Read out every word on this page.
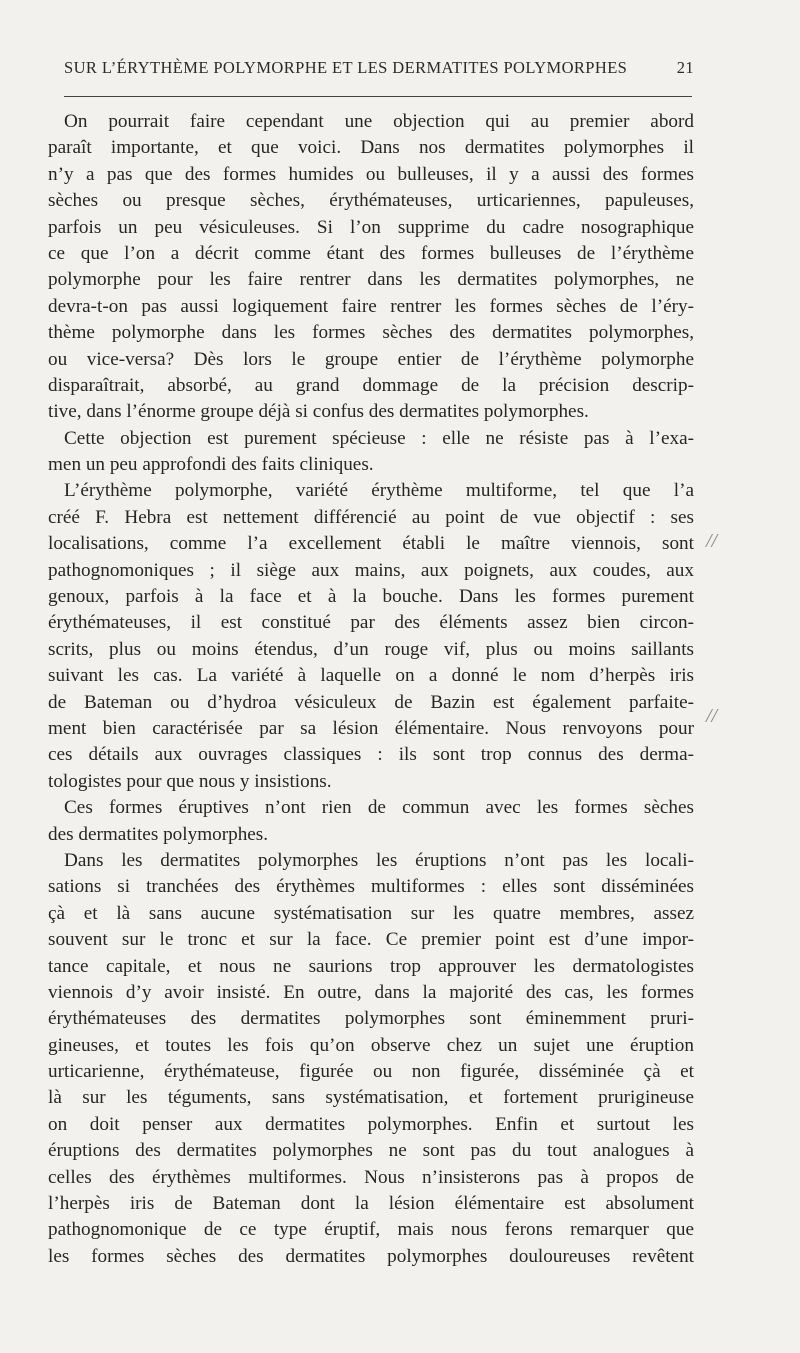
SUR L’ÉRYTHÈME POLYMORPHE ET LES DERMATITES POLYMORPHES	21
On pourrait faire cependant une objection qui au premier abord
paraît importante, et que voici. Dans nos dermatites polymorphes il
n’y a pas que des formes humides ou bulleuses, il y a aussi des formes
sèches ou presque sèches, érythémateuses, urticariennes, papuleuses,
parfois un peu vésiculeuses. Si l’on supprime du cadre nosographique
ce que l’on a décrit comme étant des formes bulleuses de l’érythème
polymorphe pour les faire rentrer dans les dermatites polymorphes, ne
devra-t-on pas aussi logiquement faire rentrer les formes sèches de l’éry-
thème polymorphe dans les formes sèches des dermatites polymorphes,
ou vice-versa? Dès lors le groupe entier de l’érythème polymorphe
disparaîtrait, absorbé, au grand dommage de la précision descrip-
tive, dans l’énorme groupe déjà si confus des dermatites polymorphes.
Cette objection est purement spécieuse : elle ne résiste pas à l’exa-
men un peu approfondi des faits cliniques.
L’érythème polymorphe, variété érythème multiforme, tel que l’a
créé F. Hebra est nettement différencié au point de vue objectif : ses
localisations, comme l’a excellement établi le maître viennois, sont
pathognomoniques ; il siège aux mains, aux poignets, aux coudes, aux
genoux, parfois à la face et à la bouche. Dans les formes purement
érythémateuses, il est constitué par des éléments assez bien circon-
scrits, plus ou moins étendus, d’un rouge vif, plus ou moins saillants
suivant les cas. La variété à laquelle on a donné le nom d’herpès iris
de Bateman ou d’hydroa vésiculeux de Bazin est également parfaite-
ment bien caractérisée par sa lésion élémentaire. Nous renvoyons pour
ces détails aux ouvrages classiques : ils sont trop connus des derma-
tologistes pour que nous y insistions.
Ces formes éruptives n’ont rien de commun avec les formes sèches
des dermatites polymorphes.
Dans les dermatites polymorphes les éruptions n’ont pas les locali-
sations si tranchées des érythèmes multiformes : elles sont disséminées
çà et là sans aucune systématisation sur les quatre membres, assez
souvent sur le tronc et sur la face. Ce premier point est d’une impor-
tance capitale, et nous ne saurions trop approuver les dermatologistes
viennois d’y avoir insisté. En outre, dans la majorité des cas, les formes
érythémateuses des dermatites polymorphes sont éminemment pruri-
gineuses, et toutes les fois qu’on observe chez un sujet une éruption
urticarienne, érythémateuse, figurée ou non figurée, disséminée çà et
là sur les téguments, sans systématisation, et fortement prurigineuse
on doit penser aux dermatites polymorphes. Enfin et surtout les
éruptions des dermatites polymorphes ne sont pas du tout analogues à
celles des érythèmes multiformes. Nous n’insisterons pas à propos de
l’herpès iris de Bateman dont la lésion élémentaire est absolument
pathognomonique de ce type éruptif, mais nous ferons remarquer que
les formes sèches des dermatites polymorphes douloureuses revêtent
//
//
